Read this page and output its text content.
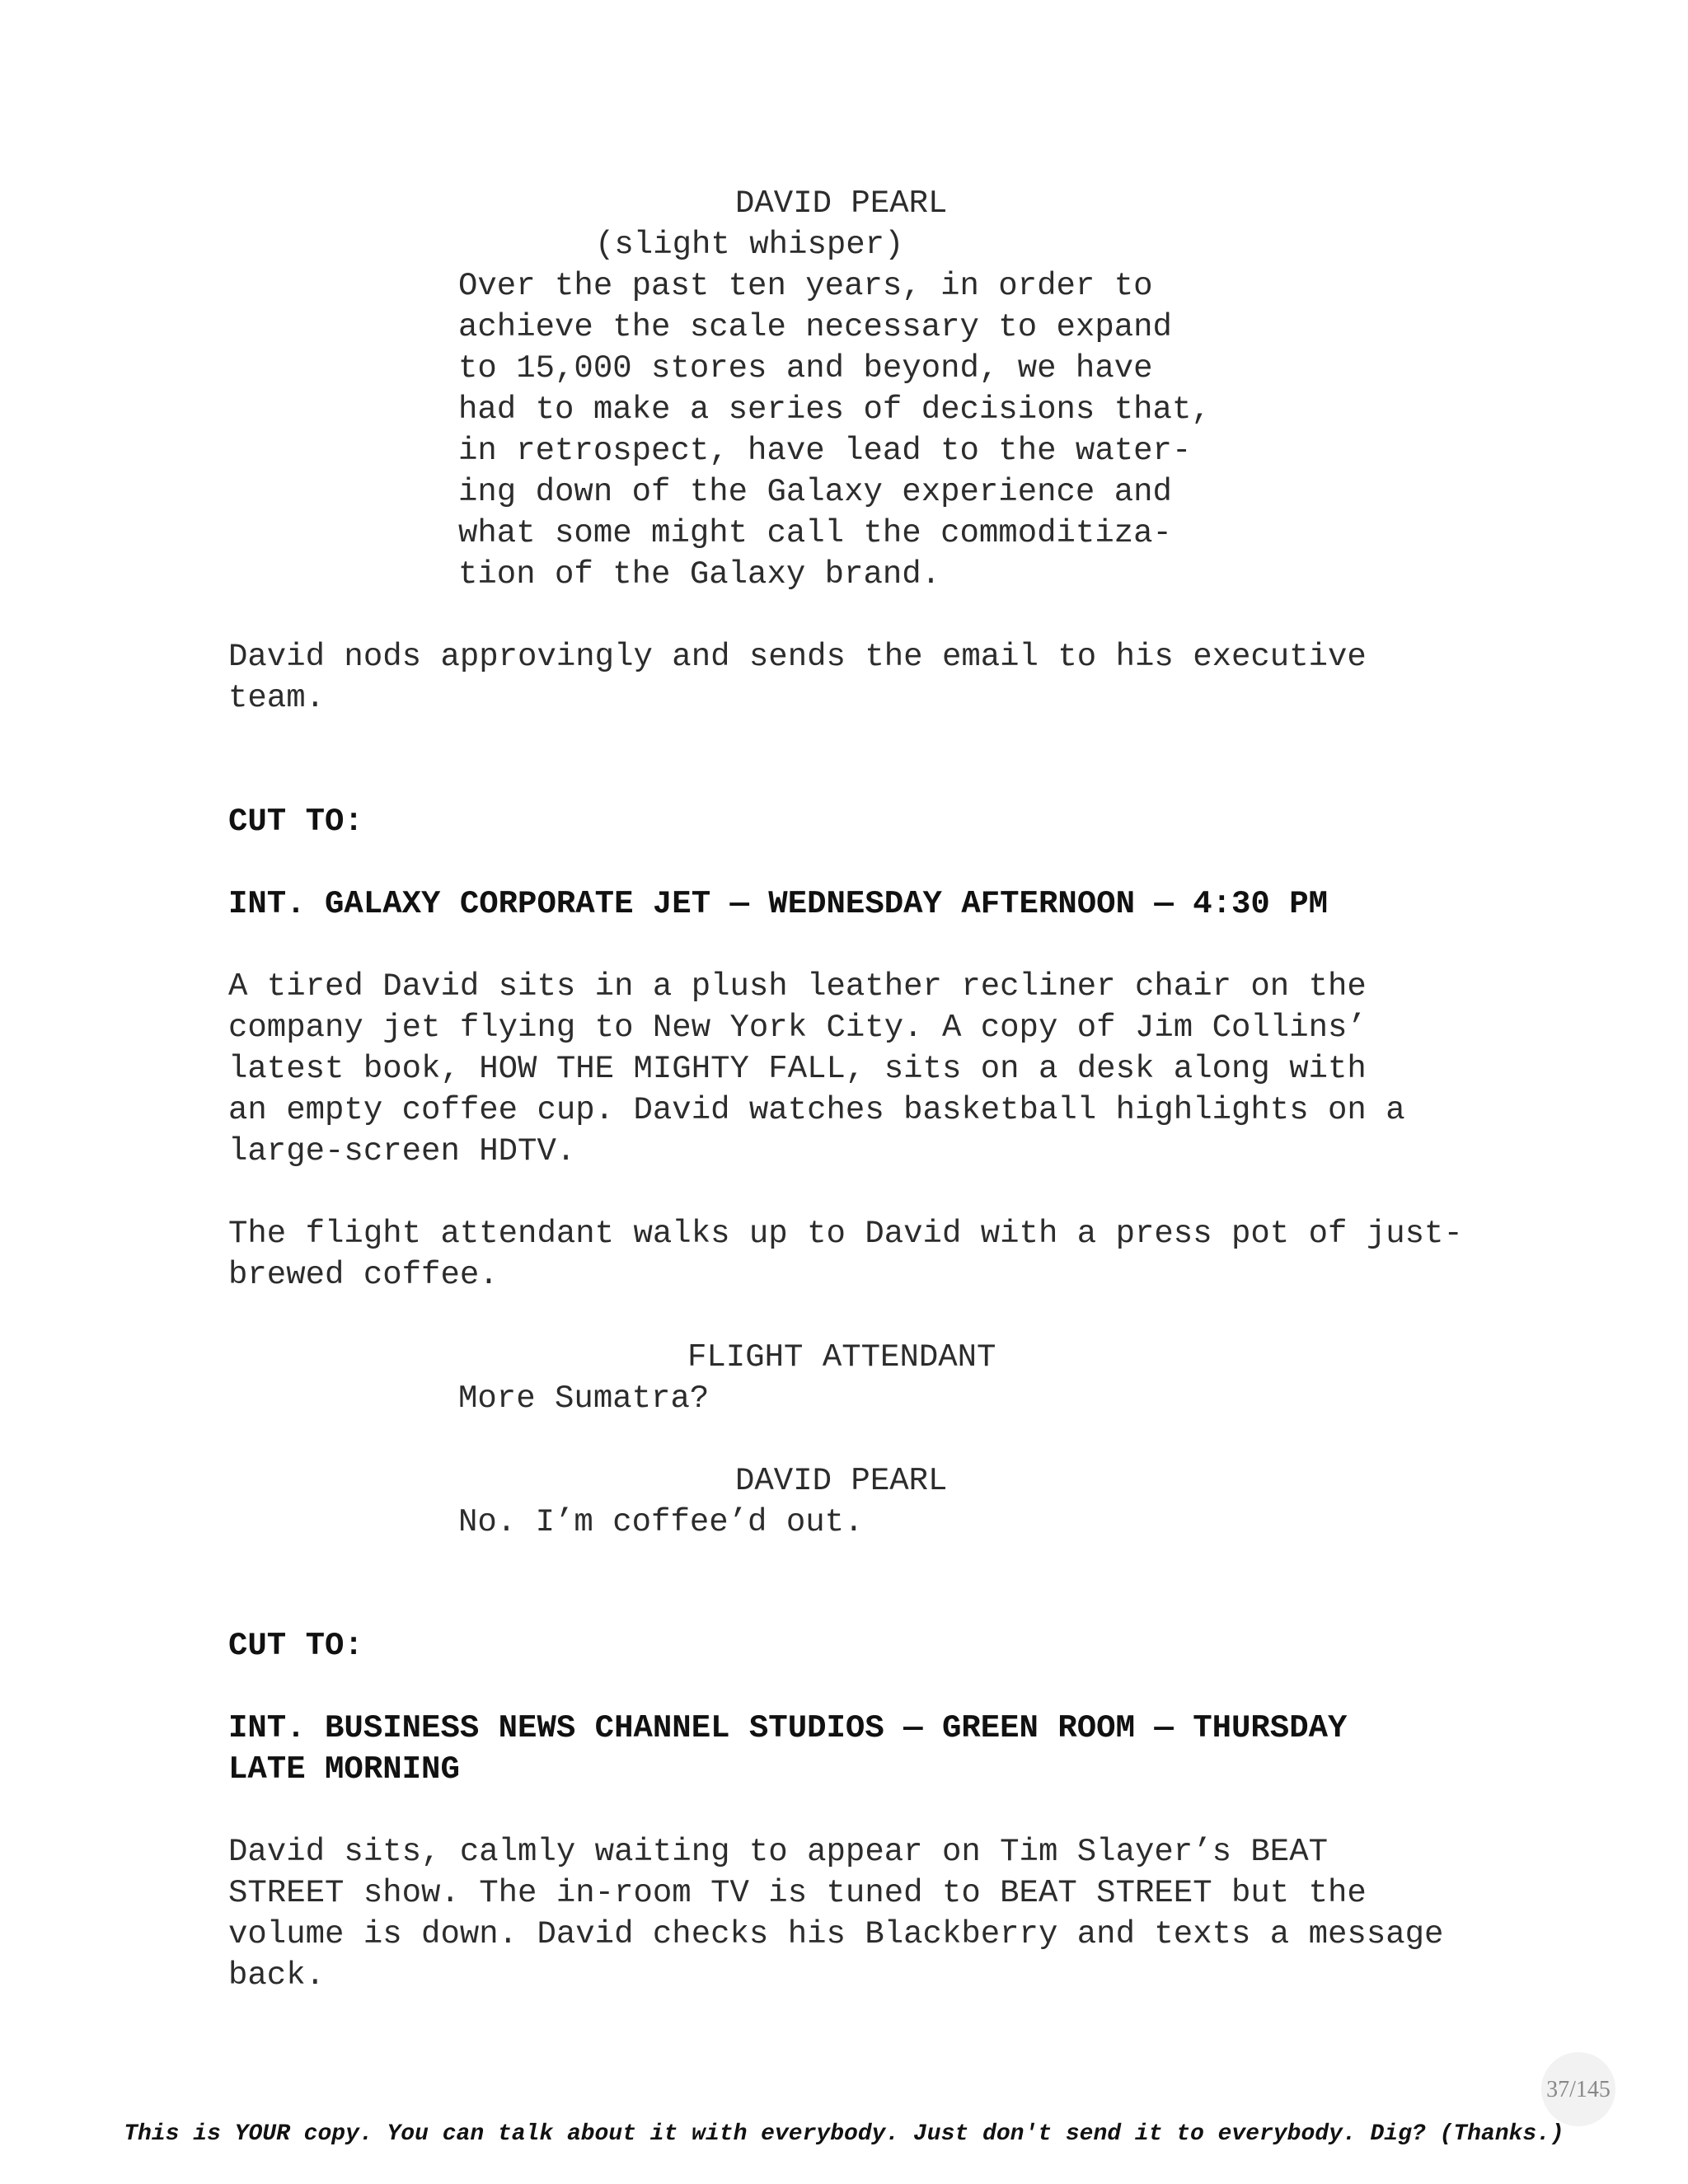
DAVID PEARL
(slight whisper)
Over the past ten years, in order to
achieve the scale necessary to expand
to 15,000 stores and beyond, we have
had to make a series of decisions that,
in retrospect, have lead to the water-
ing down of the Galaxy experience and
what some might call the commoditiza-
tion of the Galaxy brand.
David nods approvingly and sends the email to his executive
team.
CUT TO:
INT. GALAXY CORPORATE JET — WEDNESDAY AFTERNOON — 4:30 PM
A tired David sits in a plush leather recliner chair on the
company jet flying to New York City. A copy of Jim Collins’
latest book, HOW THE MIGHTY FALL, sits on a desk along with
an empty coffee cup. David watches basketball highlights on a
large-screen HDTV.
The flight attendant walks up to David with a press pot of just-
brewed coffee.
FLIGHT ATTENDANT
More Sumatra?
DAVID PEARL
No. I’m coffee’d out.
CUT TO:
INT. BUSINESS NEWS CHANNEL STUDIOS — GREEN ROOM — THURSDAY
LATE MORNING
David sits, calmly waiting to appear on Tim Slayer’s BEAT
STREET show. The in-room TV is tuned to BEAT STREET but the
volume is down. David checks his Blackberry and texts a message
back.
37/145
This is YOUR copy. You can talk about it with everybody. Just don't send it to everybody. Dig? (Thanks.)
